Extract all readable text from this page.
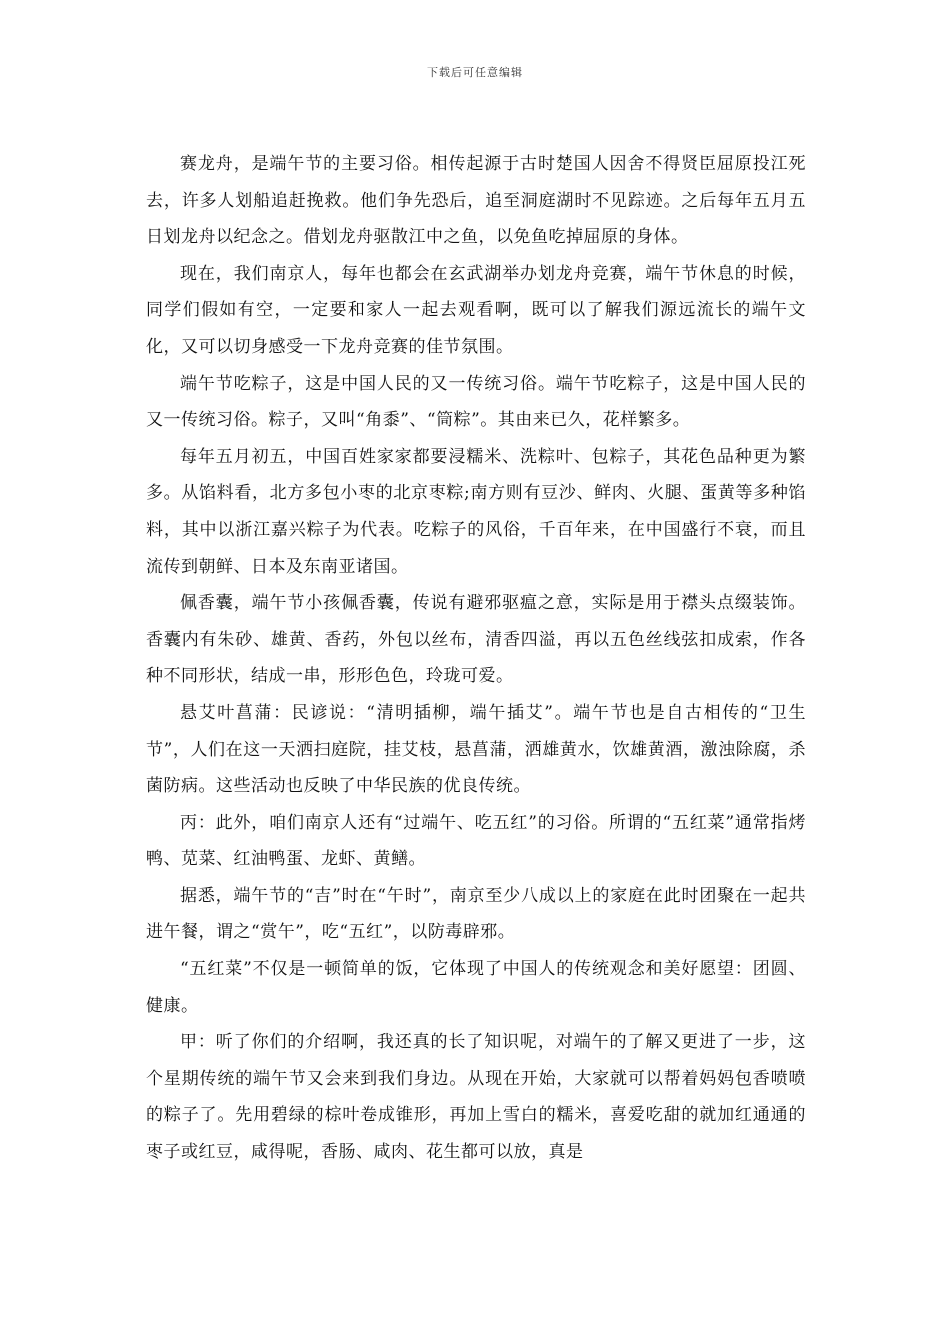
下载后可任意编辑

赛龙舟，是端午节的主要习俗。相传起源于古时楚国人因舍不得贤臣屈原投江死去，许多人划船追赶挽救。他们争先恐后，追至洞庭湖时不见踪迹。之后每年五月五日划龙舟以纪念之。借划龙舟驱散江中之鱼，以免鱼吃掉屈原的身体。

现在，我们南京人，每年也都会在玄武湖举办划龙舟竞赛，端午节休息的时候，同学们假如有空，一定要和家人一起去观看啊，既可以了解我们源远流长的端午文化，又可以切身感受一下龙舟竞赛的佳节氛围。

端午节吃粽子，这是中国人民的又一传统习俗。端午节吃粽子，这是中国人民的又一传统习俗。粽子，又叫“角黍”、“筒粽”。其由来已久，花样繁多。

每年五月初五，中国百姓家家都要浸糯米、洗粽叶、包粽子，其花色品种更为繁多。从馅料看，北方多包小枣的北京枣粽;南方则有豆沙、鲜肉、火腿、蛋黄等多种馅料，其中以浙江嘉兴粽子为代表。吃粽子的风俗，千百年来，在中国盛行不衰，而且流传到朝鲜、日本及东南亚诸国。

佩香囊，端午节小孩佩香囊，传说有避邪驱瘟之意，实际是用于襟头点缀装饰。香囊内有朱砂、雄黄、香药，外包以丝布，清香四溢，再以五色丝线弦扣成索，作各种不同形状，结成一串，形形色色，玲珑可爱。

悬艾叶菖蒲：民谚说：“清明插柳，端午插艾”。端午节也是自古相传的“卫生节”，人们在这一天洒扫庭院，挂艾枝，悬菖蒲，洒雄黄水，饮雄黄酒，激浊除腐，杀菌防病。这些活动也反映了中华民族的优良传统。

丙：此外，咱们南京人还有“过端午、吃五红”的习俗。所谓的“五红菜”通常指烤鸭、苋菜、红油鸭蛋、龙虾、黄鳝。

据悉，端午节的“吉”时在“午时”，南京至少八成以上的家庭在此时团聚在一起共进午餐，谓之“赏午”，吃“五红”，以防毒辟邪。

“五红菜”不仅是一顿简单的饭，它体现了中国人的传统观念和美好愿望：团圆、健康。

甲：听了你们的介绍啊，我还真的长了知识呢，对端午的了解又更进了一步，这个星期传统的端午节又会来到我们身边。从现在开始，大家就可以帮着妈妈包香喷喷的粽子了。先用碧绿的棕叶卷成锥形，再加上雪白的糯米，喜爱吃甜的就加红通通的枣子或红豆，咸得呢，香肠、咸肉、花生都可以放，真是
